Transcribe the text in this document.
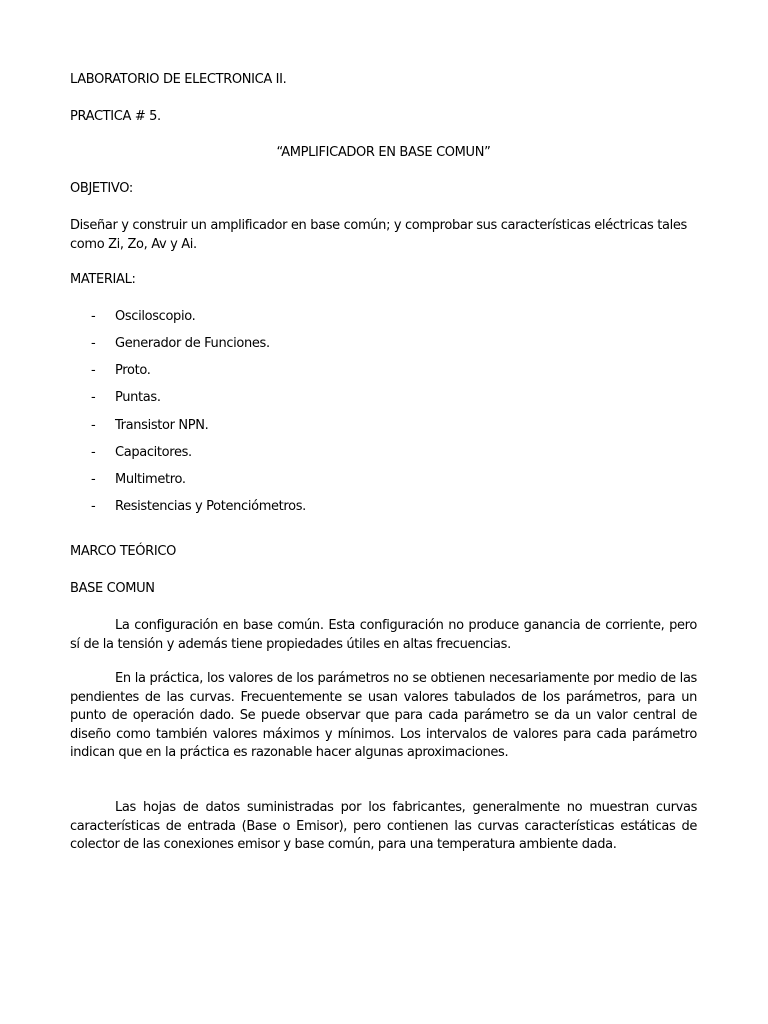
LABORATORIO DE ELECTRONICA II.
PRACTICA # 5.
“AMPLIFICADOR EN BASE COMUN”
OBJETIVO:
Diseñar y construir un amplificador en base común; y comprobar sus características eléctricas tales como Zi, Zo, Av y Ai.
MATERIAL:
- Osciloscopio.
- Generador de Funciones.
- Proto.
- Puntas.
- Transistor NPN.
- Capacitores.
- Multimetro.
- Resistencias y Potenciómetros.
MARCO TEÓRICO
BASE COMUN
La configuración en base común. Esta configuración no produce ganancia de corriente, pero sí de la tensión y además tiene propiedades útiles en altas frecuencias.
En la práctica, los valores de los parámetros no se obtienen necesariamente por medio de las pendientes de las curvas. Frecuentemente se usan valores tabulados de los parámetros, para un punto de operación dado. Se puede observar que para cada parámetro se da un valor central de diseño como también valores máximos y mínimos. Los intervalos de valores para cada parámetro indican que en la práctica es razonable hacer algunas aproximaciones.
Las hojas de datos suministradas por los fabricantes, generalmente no muestran curvas características de entrada (Base o Emisor), pero contienen las curvas características estáticas de colector de las conexiones emisor y base común, para una temperatura ambiente dada.
